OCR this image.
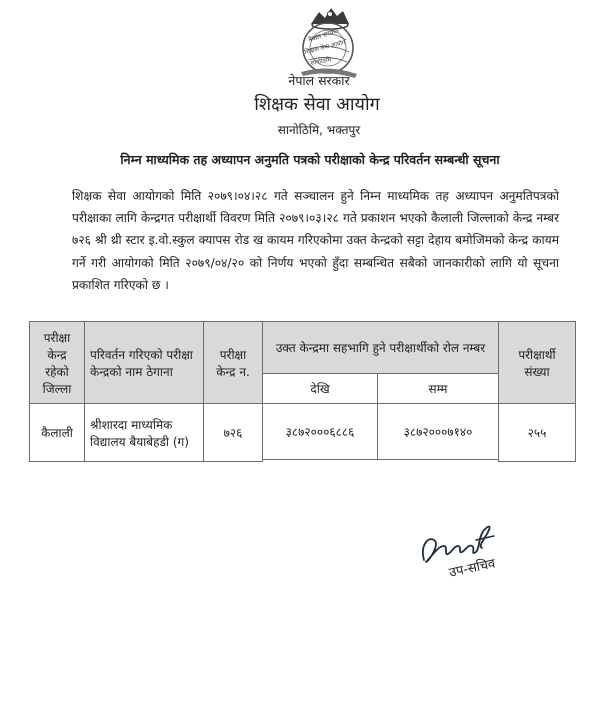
नेपाल सरकार
शिक्षक सेवा आयोग
सानोठिमि
नेपाल सरकार
शिक्षक सेवा आयोग
सानोठिमि, भक्तपुर
निम्न माध्यमिक तह अध्यापन अनुमति पत्रको परीक्षाको केन्द्र परिवर्तन सम्बन्धी सूचना
शिक्षक सेवा आयोगको मिति २०७९।०४।२८ गते सञ्चालन हुने निम्न माध्यमिक तह अध्यापन अनुमतिपत्रको परीक्षाका लागि केन्द्रगत परीक्षार्थी विवरण मिति २०७९।०३।२८ गते प्रकाशन भएको कैलाली जिल्लाको केन्द्र नम्बर ७२६ श्री थ्री स्टार इ.वो.स्कुल क्यापस रोड ख कायम गरिएकोमा उक्त केन्द्रको सट्टा देहाय बमोजिमको केन्द्र कायम गर्ने गरी आयोगको मिति २०७९/०४/२० को निर्णय भएको हुँदा सम्बन्धित सबैको जानकारीको लागि यो सूचना प्रकाशित गरिएको छ ।
परीक्षा केन्द्र रहेको जिल्ला	परिवर्तन गरिएको परीक्षा केन्द्रको नाम ठेगाना	परीक्षा केन्द्र न.	उक्त केन्द्रमा सहभागि हुने परीक्षार्थीको रोल नम्बर		परीक्षार्थी संख्या
			देखि	सम्म	
कैलाली	श्रीशारदा माध्यमिक विद्यालय बैयाबेहडी (ग)	७२६	३८७२०००६८८६	३८७२०००७१४०	२५५

उप-सचिव
